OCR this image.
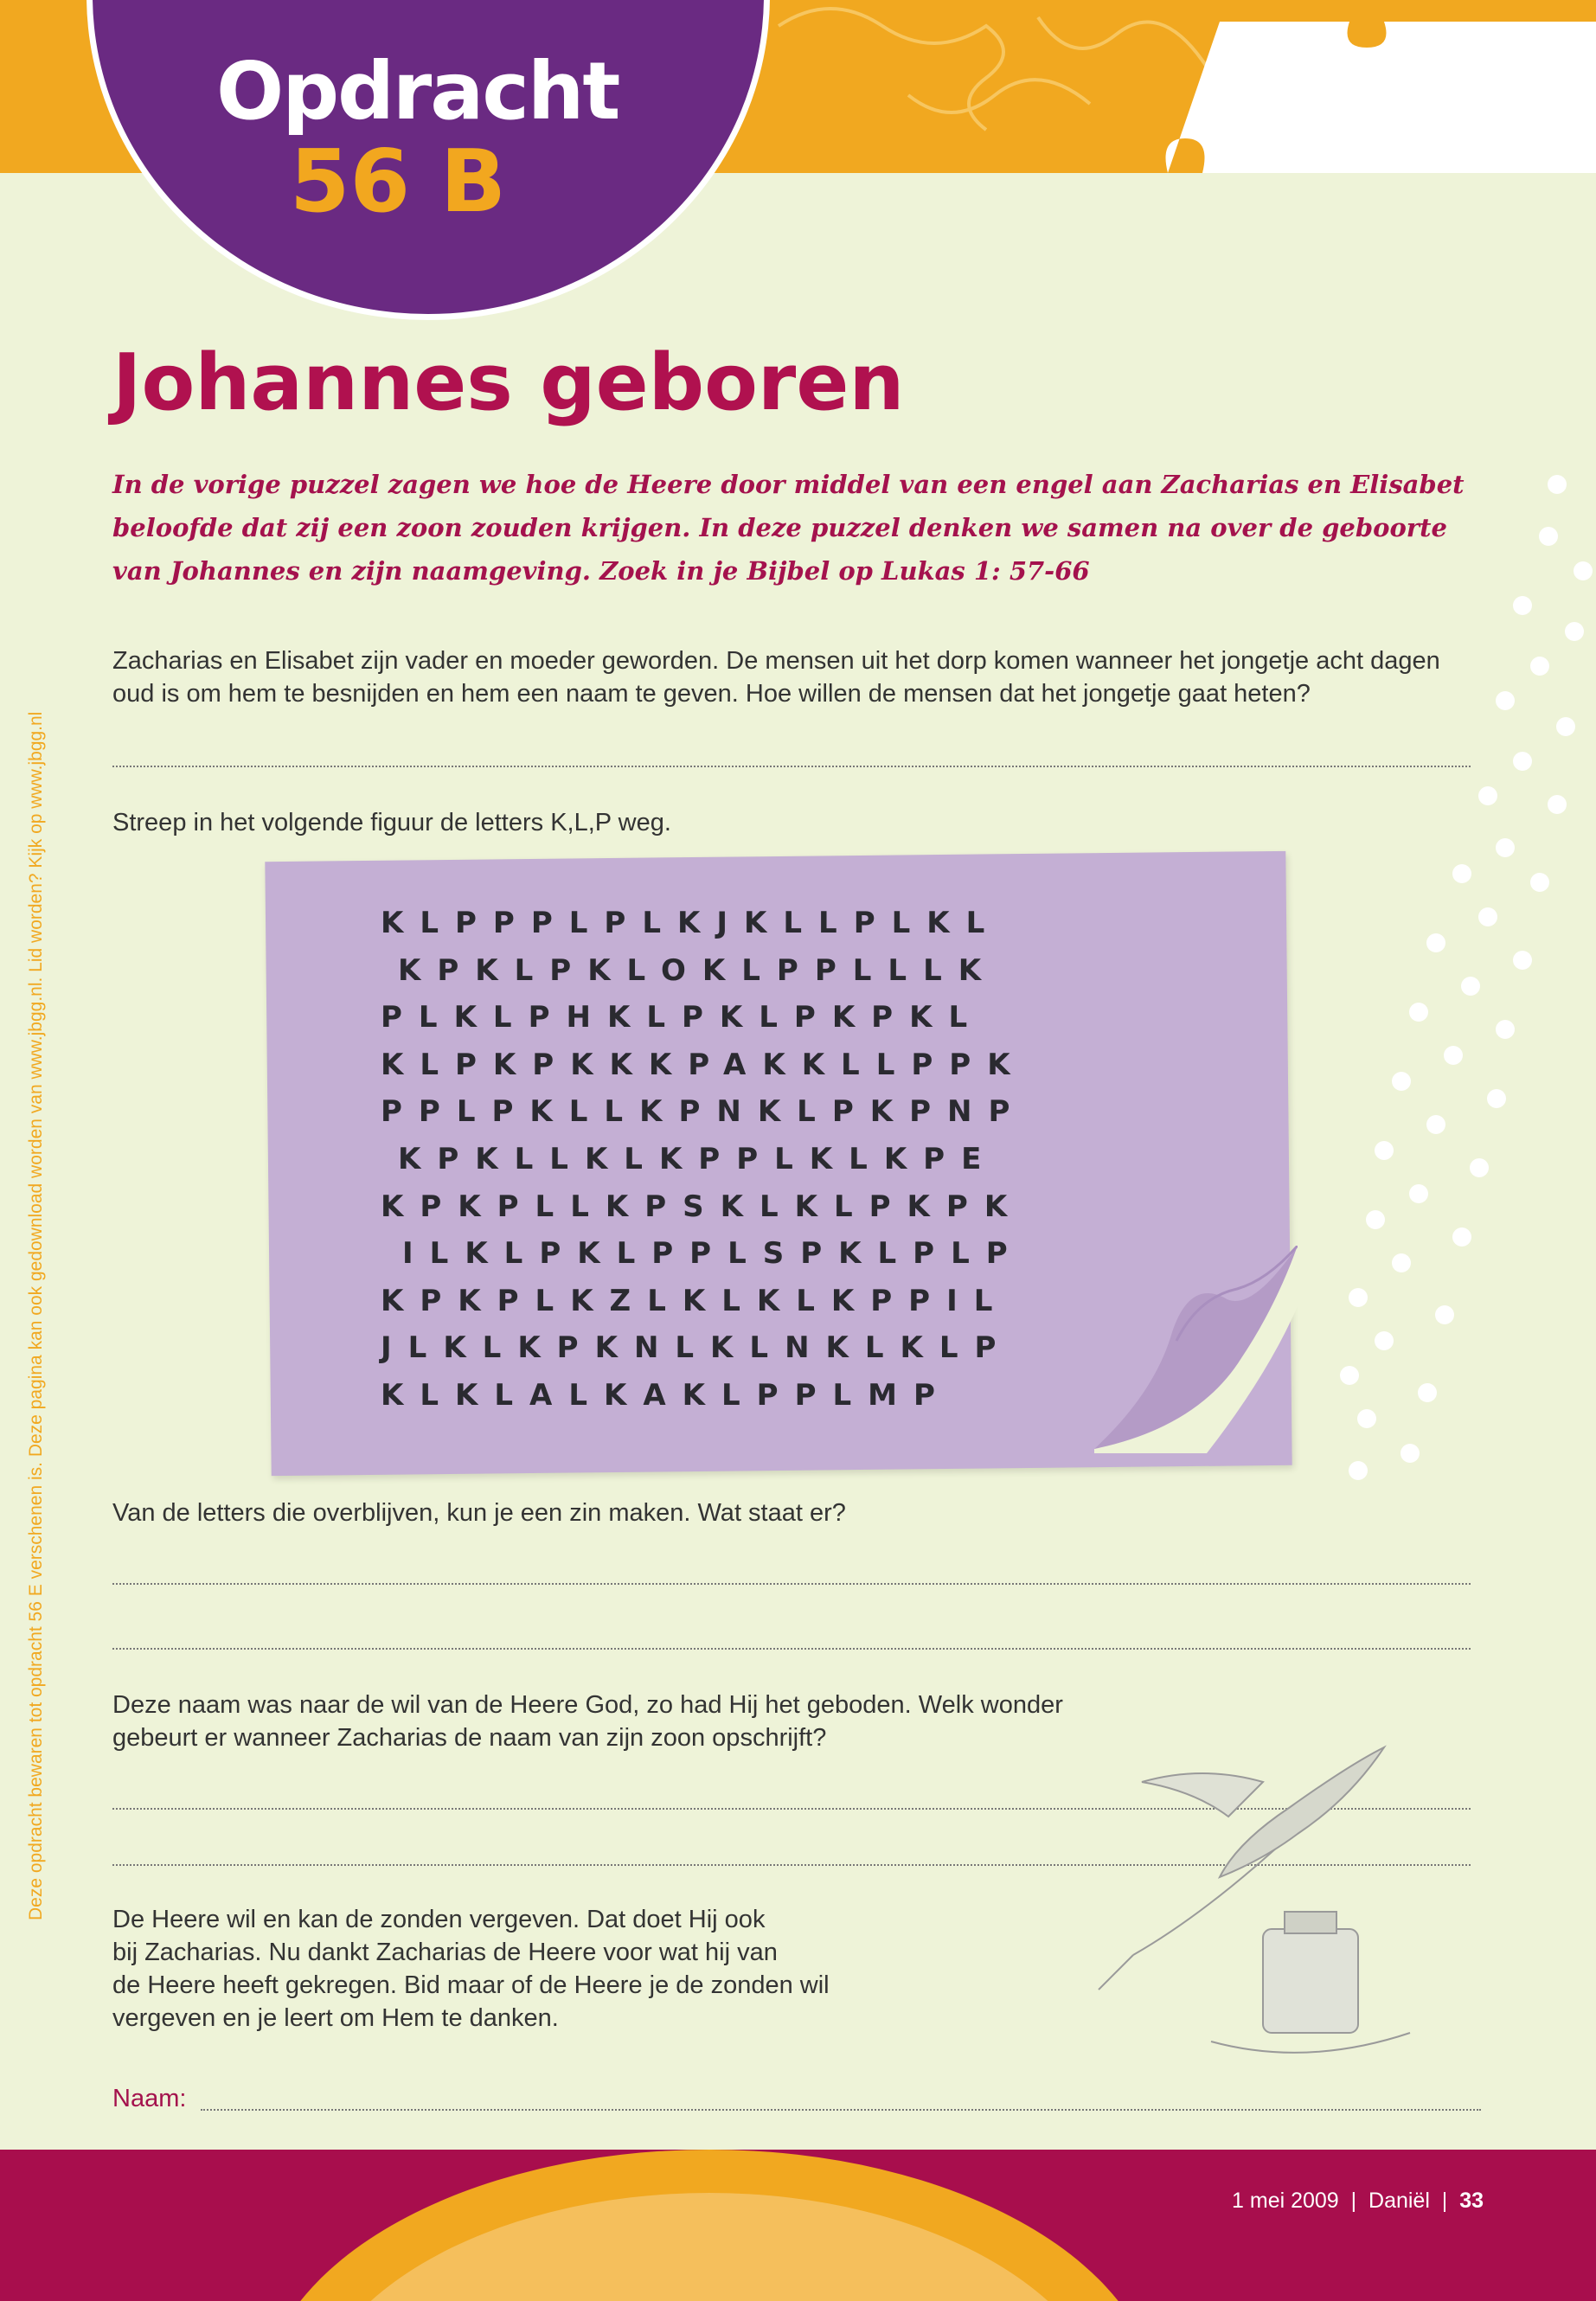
Opdracht
56 B
Deze opdracht bewaren tot opdracht 56 E verschenen is. Deze pagina kan ook gedownload worden van www.jbgg.nl. Lid worden? Kijk op www.jbgg.nl
Johannes geboren

In de vorige puzzel zagen we hoe de Heere door middel van een engel aan Zacharias en Elisabet beloofde dat zij een zoon zouden krijgen. In deze puzzel denken we samen na over de geboorte van Johannes en zijn naamgeving. Zoek in je Bijbel op Lukas 1: 57-66

Zacharias en Elisabet zijn vader en moeder geworden. De mensen uit het dorp komen wanneer het jongetje acht dagen oud is om hem te besnijden en hem een naam te geven. Hoe willen de mensen dat het jongetje gaat heten?

Streep in het volgende figuur de letters K,L,P weg.

KLPPPLPLKJKLLPLKL
KPKLPKLOKLPPLLLK
PLKLPHKLPKLPKPKL
KLPKPKKKPAKKLLPPK
PPLPKLLKPNKLPKPNP
KPKLLKLKPPLKLKPE
KPKPLLKPSKLKLPKPK
ILKLPKLPPLSPKLPLP
KPKPLKZLKLKLKPPIL
JLKLKPKNLKLNKLKLP
KLKLALKAKLPPLMP

Van de letters die overblijven, kun je een zin maken. Wat staat er?

Deze naam was naar de wil van de Heere God, zo had Hij het geboden. Welk wonder gebeurt er wanneer Zacharias de naam van zijn zoon opschrijft?

De Heere wil en kan de zonden vergeven. Dat doet Hij ook
bij Zacharias. Nu dankt Zacharias de Heere voor wat hij van
de Heere heeft gekregen. Bid maar of de Heere je de zonden wil
vergeven en je leert om Hem te danken.
Naam:
1 mei 2009  |  Daniël  |  33
